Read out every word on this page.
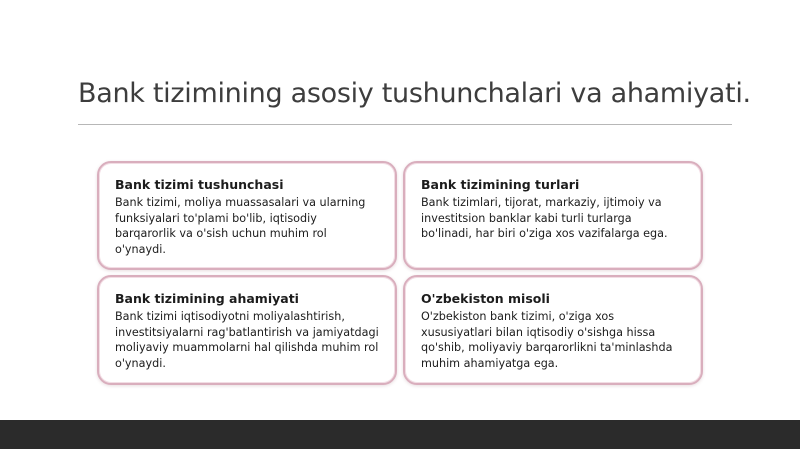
Bank tizimining asosiy tushunchalari va ahamiyati.
Bank tizimi tushunchasi
Bank tizimi, moliya muassasalari va ularning funksiyalari to'plami bo'lib, iqtisodiy barqarorlik va o'sish uchun muhim rol o'ynaydi.
Bank tizimining turlari
Bank tizimlari, tijorat, markaziy, ijtimoiy va investitsion banklar kabi turli turlarga bo'linadi, har biri o'ziga xos vazifalarga ega.
Bank tizimining ahamiyati
Bank tizimi iqtisodiyotni moliyalashtirish, investitsiyalarni rag'batlantirish va jamiyatdagi moliyaviy muammolarni hal qilishda muhim rol o'ynaydi.
O'zbekiston misoli
O'zbekiston bank tizimi, o'ziga xos xususiyatlari bilan iqtisodiy o'sishga hissa qo'shib, moliyaviy barqarorlikni ta'minlashda muhim ahamiyatga ega.
